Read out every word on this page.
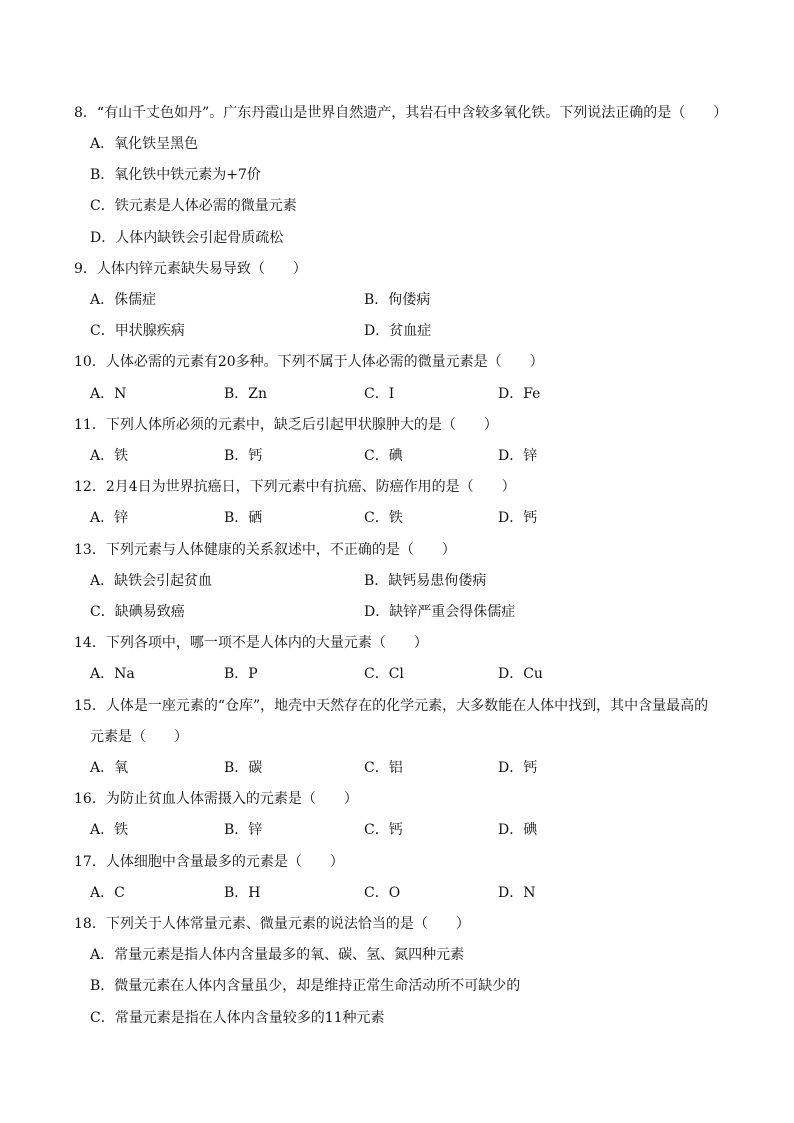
8．“有山千丈色如丹”。广东丹霞山是世界自然遗产，其岩石中含较多氧化铁。下列说法正确的是（　　）
A．氧化铁呈黑色
B．氧化铁中铁元素为+7价
C．铁元素是人体必需的微量元素
D．人体内缺铁会引起骨质疏松
9．人体内锌元素缺失易导致（　　）
A．侏儒症	B．佝偻病
C．甲状腺疾病	D．贫血症
10．人体必需的元素有20多种。下列不属于人体必需的微量元素是（　　）
A．N	B．Zn	C．I	D．Fe
11．下列人体所必须的元素中，缺乏后引起甲状腺肿大的是（　　）
A．铁	B．钙	C．碘	D．锌
12．2月4日为世界抗癌日，下列元素中有抗癌、防癌作用的是（　　）
A．锌	B．硒	C．铁	D．钙
13．下列元素与人体健康的关系叙述中，不正确的是（　　）
A．缺铁会引起贫血	B．缺钙易患佝偻病
C．缺碘易致癌	D．缺锌严重会得侏儒症
14．下列各项中，哪一项不是人体内的大量元素（　　）
A．Na	B．P	C．Cl	D．Cu
15．人体是一座元素的“仓库”，地壳中天然存在的化学元素，大多数能在人体中找到，其中含量最高的
元素是（　　）
A．氧	B．碳	C．铝	D．钙
16．为防止贫血人体需摄入的元素是（　　）
A．铁	B．锌	C．钙	D．碘
17．人体细胞中含量最多的元素是（　　）
A．C	B．H	C．O	D．N
18．下列关于人体常量元素、微量元素的说法恰当的是（　　）
A．常量元素是指人体内含量最多的氧、碳、氢、氮四种元素
B．微量元素在人体内含量虽少，却是维持正常生命活动所不可缺少的
C．常量元素是指在人体内含量较多的11种元素
